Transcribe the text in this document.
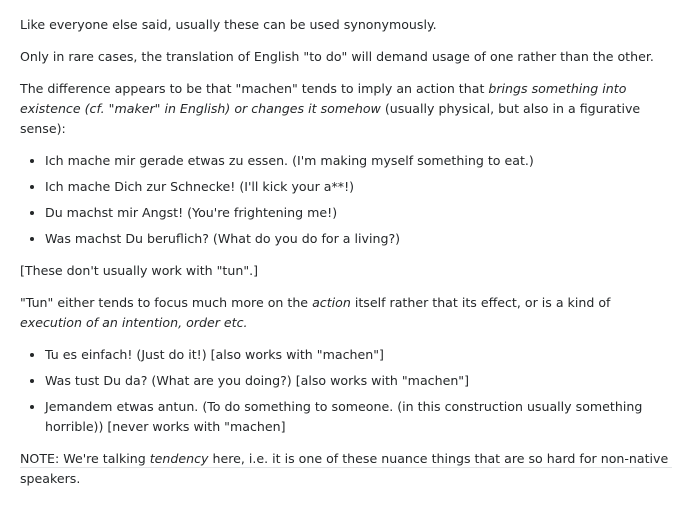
Like everyone else said, usually these can be used synonymously.

Only in rare cases, the translation of English "to do" will demand usage of one rather than the other.

The difference appears to be that "machen" tends to imply an action that brings something into existence (cf. "maker" in English) or changes it somehow (usually physical, but also in a figurative sense):

• Ich mache mir gerade etwas zu essen. (I'm making myself something to eat.)
• Ich mache Dich zur Schnecke! (I'll kick your a**!)
• Du machst mir Angst! (You're frightening me!)
• Was machst Du beruflich? (What do you do for a living?)

[These don't usually work with "tun".]

"Tun" either tends to focus much more on the action itself rather that its effect, or is a kind of execution of an intention, order etc.

• Tu es einfach! (Just do it!) [also works with "machen"]
• Was tust Du da? (What are you doing?) [also works with "machen"]
• Jemandem etwas antun. (To do something to someone. (in this construction usually something horrible)) [never works with "machen]

NOTE: We're talking tendency here, i.e. it is one of these nuance things that are so hard for non-native speakers.
